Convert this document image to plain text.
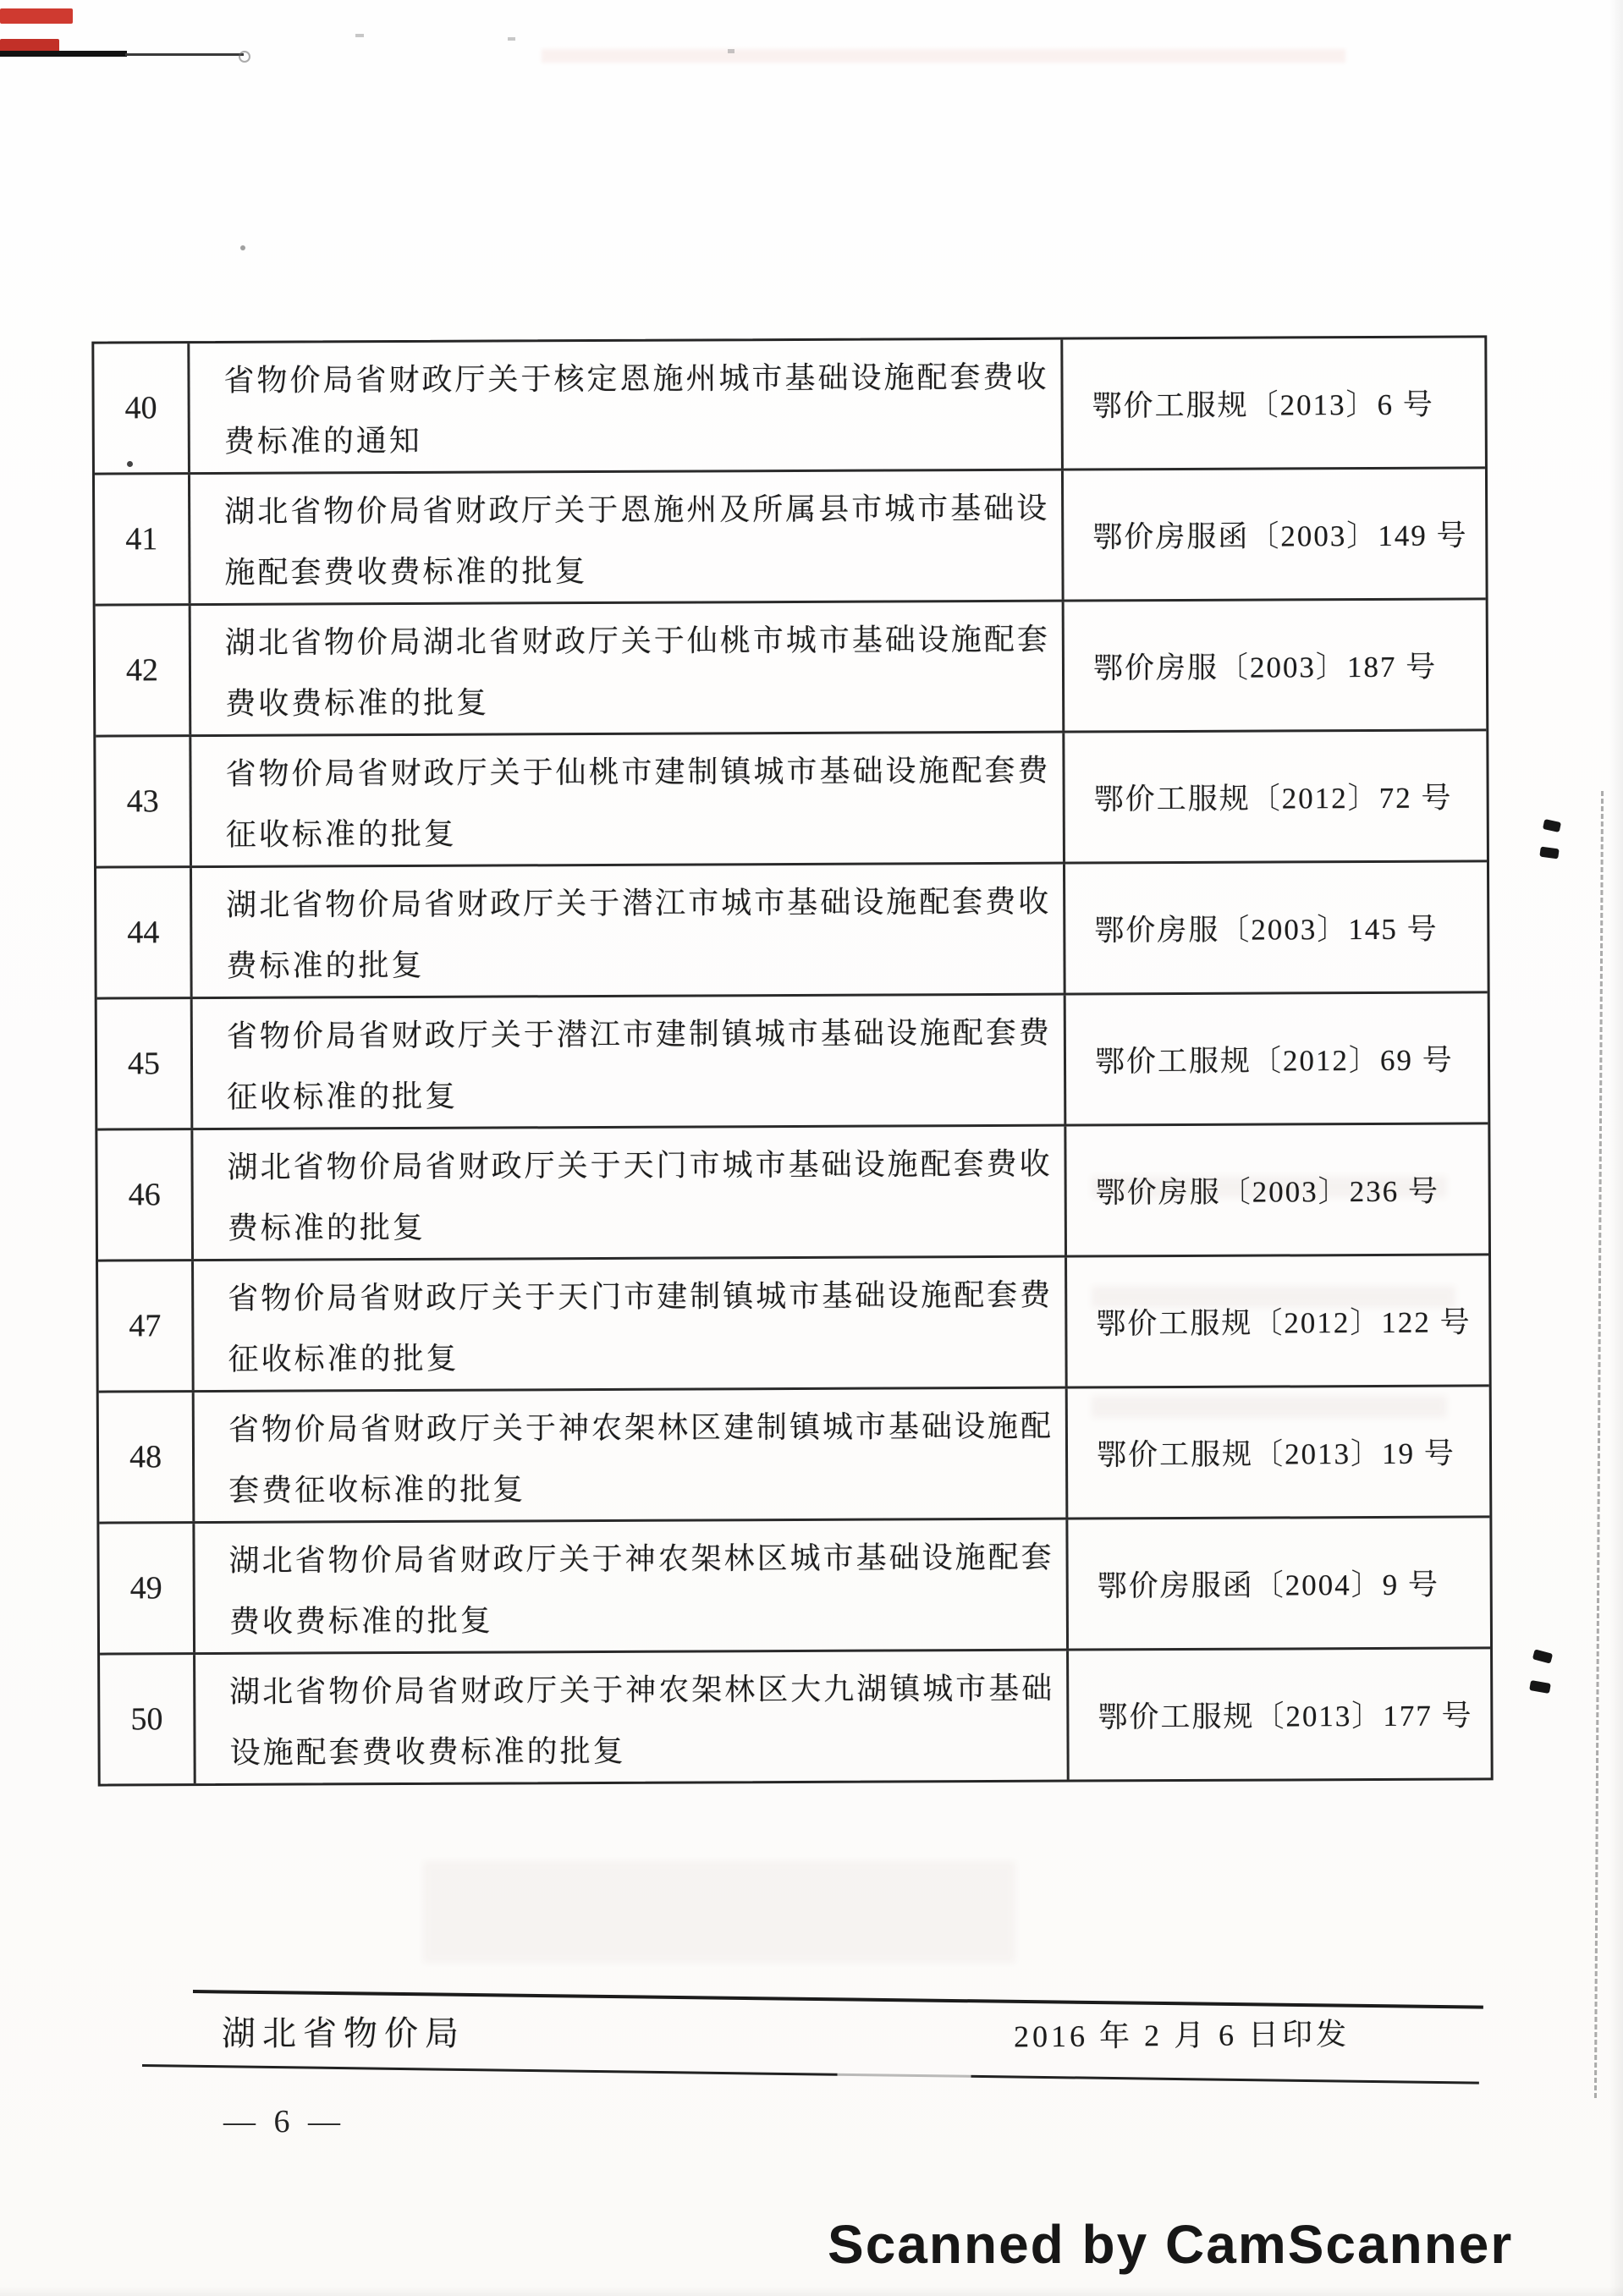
40
省物价局省财政厅关于核定恩施州城市基础设施配套费收
费标准的通知
鄂价工服规〔2013〕6 号
41
湖北省物价局省财政厅关于恩施州及所属县市城市基础设
施配套费收费标准的批复
鄂价房服函〔2003〕149 号
42
湖北省物价局湖北省财政厅关于仙桃市城市基础设施配套
费收费标准的批复
鄂价房服〔2003〕187 号
43
省物价局省财政厅关于仙桃市建制镇城市基础设施配套费
征收标准的批复
鄂价工服规〔2012〕72 号
44
湖北省物价局省财政厅关于潜江市城市基础设施配套费收
费标准的批复
鄂价房服〔2003〕145 号
45
省物价局省财政厅关于潜江市建制镇城市基础设施配套费
征收标准的批复
鄂价工服规〔2012〕69 号
46
湖北省物价局省财政厅关于天门市城市基础设施配套费收
费标准的批复
鄂价房服〔2003〕236 号
47
省物价局省财政厅关于天门市建制镇城市基础设施配套费
征收标准的批复
鄂价工服规〔2012〕122 号
48
省物价局省财政厅关于神农架林区建制镇城市基础设施配
套费征收标准的批复
鄂价工服规〔2013〕19 号
49
湖北省物价局省财政厅关于神农架林区城市基础设施配套
费收费标准的批复
鄂价房服函〔2004〕9 号
50
湖北省物价局省财政厅关于神农架林区大九湖镇城市基础
设施配套费收费标准的批复
鄂价工服规〔2013〕177 号
湖北省物价局	2016 年 2 月 6 日印发
— 6 —
Scanned by CamScanner
